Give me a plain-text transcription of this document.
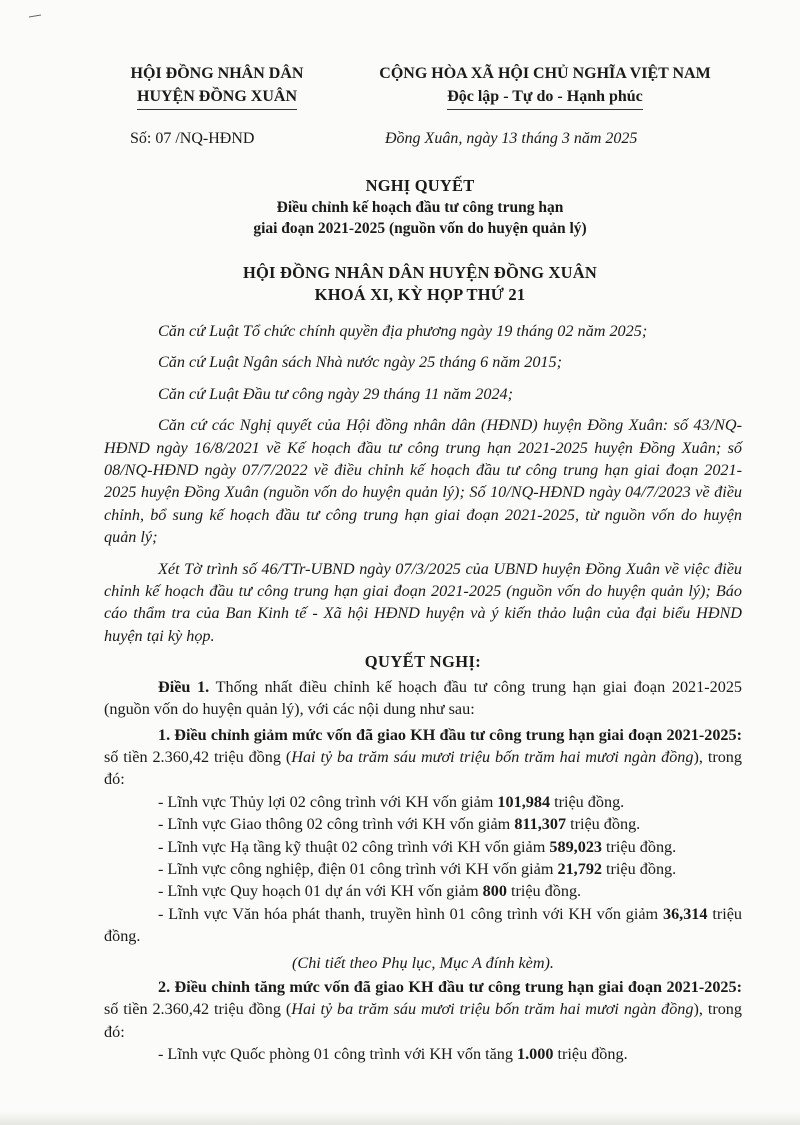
HỘI ĐỒNG NHÂN DÂN
HUYỆN ĐỒNG XUÂN
CỘNG HÒA XÃ HỘI CHỦ NGHĨA VIỆT NAM
Độc lập - Tự do - Hạnh phúc
Số: 07 /NQ-HĐND	Đồng Xuân, ngày 13 tháng 3 năm 2025
NGHỊ QUYẾT
Điều chỉnh kế hoạch đầu tư công trung hạn
giai đoạn 2021-2025 (nguồn vốn do huyện quản lý)
HỘI ĐỒNG NHÂN DÂN HUYỆN ĐỒNG XUÂN
KHOÁ XI, KỲ HỌP THỨ 21

Căn cứ Luật Tổ chức chính quyền địa phương ngày 19 tháng 02 năm 2025;

Căn cứ Luật Ngân sách Nhà nước ngày 25 tháng 6 năm 2015;

Căn cứ Luật Đầu tư công ngày 29 tháng 11 năm 2024;

Căn cứ các Nghị quyết của Hội đồng nhân dân (HĐND) huyện Đồng Xuân: số 43/NQ-HĐND ngày 16/8/2021 về Kế hoạch đầu tư công trung hạn 2021-2025 huyện Đồng Xuân; số 08/NQ-HĐND ngày 07/7/2022 về điều chỉnh kế hoạch đầu tư công trung hạn giai đoạn 2021-2025 huyện Đồng Xuân (nguồn vốn do huyện quản lý); Số 10/NQ-HĐND ngày 04/7/2023 về điều chỉnh, bổ sung kế hoạch đầu tư công trung hạn giai đoạn 2021-2025, từ nguồn vốn do huyện quản lý;

Xét Tờ trình số 46/TTr-UBND ngày 07/3/2025 của UBND huyện Đồng Xuân về việc điều chỉnh kế hoạch đầu tư công trung hạn giai đoạn 2021-2025 (nguồn vốn do huyện quản lý); Báo cáo thẩm tra của Ban Kinh tế - Xã hội HĐND huyện và ý kiến thảo luận của đại biểu HĐND huyện tại kỳ họp.

QUYẾT NGHỊ:

Điều 1. Thống nhất điều chỉnh kế hoạch đầu tư công trung hạn giai đoạn 2021-2025 (nguồn vốn do huyện quản lý), với các nội dung như sau:

1. Điều chỉnh giảm mức vốn đã giao KH đầu tư công trung hạn giai đoạn 2021-2025: số tiền 2.360,42 triệu đồng (Hai tỷ ba trăm sáu mươi triệu bốn trăm hai mươi ngàn đồng), trong đó:

- Lĩnh vực Thủy lợi 02 công trình với KH vốn giảm 101,984 triệu đồng.

- Lĩnh vực Giao thông 02 công trình với KH vốn giảm 811,307 triệu đồng.

- Lĩnh vực Hạ tầng kỹ thuật 02 công trình với KH vốn giảm 589,023 triệu đồng.

- Lĩnh vực công nghiệp, điện 01 công trình với KH vốn giảm 21,792 triệu đồng.

- Lĩnh vực Quy hoạch 01 dự án với KH vốn giảm 800 triệu đồng.

- Lĩnh vực Văn hóa phát thanh, truyền hình 01 công trình với KH vốn giảm 36,314 triệu đồng.

(Chi tiết theo Phụ lục, Mục A đính kèm).

2. Điều chỉnh tăng mức vốn đã giao KH đầu tư công trung hạn giai đoạn 2021-2025: số tiền 2.360,42 triệu đồng (Hai tỷ ba trăm sáu mươi triệu bốn trăm hai mươi ngàn đồng), trong đó:

- Lĩnh vực Quốc phòng 01 công trình với KH vốn tăng 1.000 triệu đồng.
